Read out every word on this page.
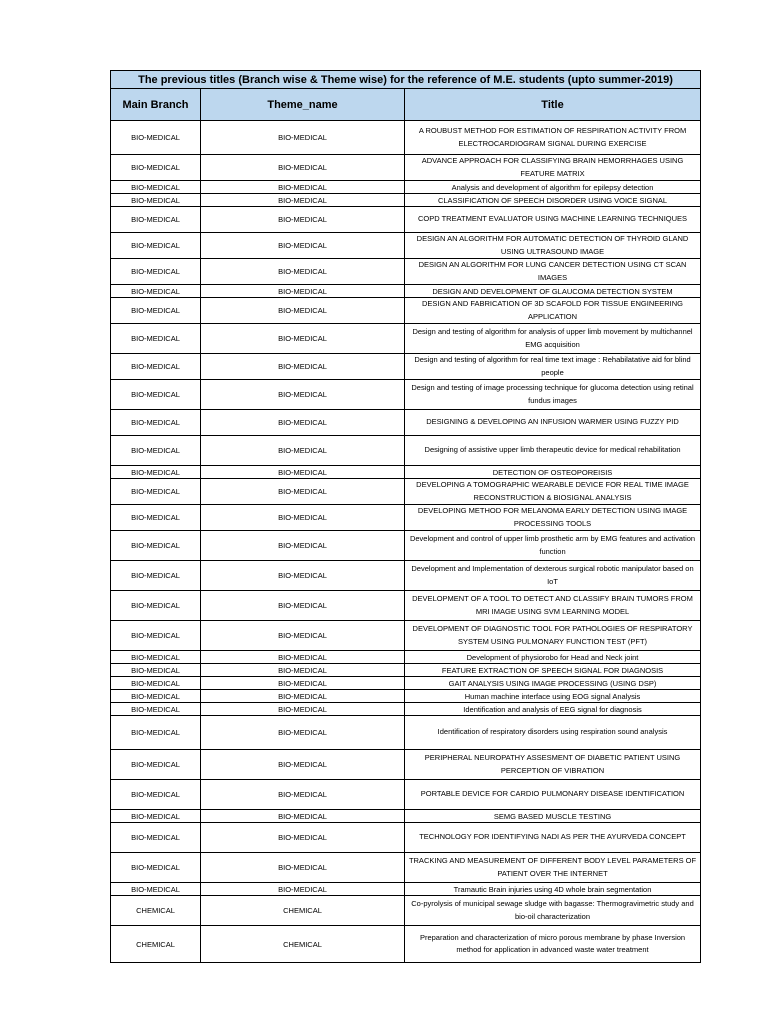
The previous titles (Branch wise & Theme wise) for the reference of M.E. students (upto summer-2019)		
Main Branch	Theme_name	Title
BIO-MEDICAL	BIO-MEDICAL	A ROUBUST METHOD FOR ESTIMATION OF RESPIRATION ACTIVITY FROM ELECTROCARDIOGRAM SIGNAL DURING EXERCISE
BIO-MEDICAL	BIO-MEDICAL	ADVANCE APPROACH FOR CLASSIFYING BRAIN HEMORRHAGES USING FEATURE MATRIX
BIO-MEDICAL	BIO-MEDICAL	Analysis and development of algorithm for epilepsy detection
BIO-MEDICAL	BIO-MEDICAL	CLASSIFICATION OF SPEECH DISORDER USING VOICE SIGNAL
BIO-MEDICAL	BIO-MEDICAL	COPD TREATMENT EVALUATOR USING MACHINE LEARNING TECHNIQUES
BIO-MEDICAL	BIO-MEDICAL	DESIGN AN ALGORITHM FOR AUTOMATIC DETECTION OF THYROID GLAND USING ULTRASOUND IMAGE
BIO-MEDICAL	BIO-MEDICAL	DESIGN AN ALGORITHM FOR LUNG CANCER DETECTION USING CT SCAN IMAGES
BIO-MEDICAL	BIO-MEDICAL	DESIGN AND DEVELOPMENT OF GLAUCOMA DETECTION SYSTEM
BIO-MEDICAL	BIO-MEDICAL	DESIGN AND FABRICATION OF 3D SCAFOLD FOR TISSUE ENGINEERING APPLICATION
BIO-MEDICAL	BIO-MEDICAL	Design and testing of algorithm for analysis of upper limb movement by multichannel EMG acquisition
BIO-MEDICAL	BIO-MEDICAL	Design and testing of algorithm for real time text image : Rehabilatative aid for blind people
BIO-MEDICAL	BIO-MEDICAL	Design and testing of image processing technique for glucoma detection using retinal fundus images
BIO-MEDICAL	BIO-MEDICAL	DESIGNING & DEVELOPING AN INFUSION WARMER USING FUZZY PID
BIO-MEDICAL	BIO-MEDICAL	Designing of assistive upper limb therapeutic device for medical rehabilitation
BIO-MEDICAL	BIO-MEDICAL	DETECTION OF OSTEOPOREISIS
BIO-MEDICAL	BIO-MEDICAL	DEVELOPING A TOMOGRAPHIC WEARABLE DEVICE FOR REAL TIME IMAGE RECONSTRUCTION & BIOSIGNAL ANALYSIS
BIO-MEDICAL	BIO-MEDICAL	DEVELOPING METHOD FOR MELANOMA EARLY DETECTION USING IMAGE PROCESSING TOOLS
BIO-MEDICAL	BIO-MEDICAL	Development and control of upper limb prosthetic arm by EMG features and activation function
BIO-MEDICAL	BIO-MEDICAL	Development and Implementation of dexterous surgical robotic manipulator based on IoT
BIO-MEDICAL	BIO-MEDICAL	DEVELOPMENT OF A TOOL TO DETECT AND CLASSIFY BRAIN TUMORS FROM MRI IMAGE USING SVM LEARNING MODEL
BIO-MEDICAL	BIO-MEDICAL	DEVELOPMENT OF DIAGNOSTIC TOOL FOR PATHOLOGIES OF RESPIRATORY SYSTEM USING PULMONARY FUNCTION TEST (PFT)
BIO-MEDICAL	BIO-MEDICAL	Development of physiorobo for Head and Neck joint
BIO-MEDICAL	BIO-MEDICAL	FEATURE EXTRACTION OF SPEECH SIGNAL FOR DIAGNOSIS
BIO-MEDICAL	BIO-MEDICAL	GAIT ANALYSIS USING IMAGE PROCESSING (USING DSP)
BIO-MEDICAL	BIO-MEDICAL	Human machine interface using EOG signal Analysis
BIO-MEDICAL	BIO-MEDICAL	Identification and analysis of EEG signal for diagnosis
BIO-MEDICAL	BIO-MEDICAL	Identification of respiratory disorders using respiration sound analysis
BIO-MEDICAL	BIO-MEDICAL	PERIPHERAL NEUROPATHY ASSESMENT OF DIABETIC PATIENT USING PERCEPTION OF VIBRATION
BIO-MEDICAL	BIO-MEDICAL	PORTABLE DEVICE FOR CARDIO PULMONARY DISEASE IDENTIFICATION
BIO-MEDICAL	BIO-MEDICAL	SEMG BASED MUSCLE TESTING
BIO-MEDICAL	BIO-MEDICAL	TECHNOLOGY FOR IDENTIFYING NADI AS PER THE AYURVEDA CONCEPT
BIO-MEDICAL	BIO-MEDICAL	TRACKING AND MEASUREMENT OF DIFFERENT BODY LEVEL PARAMETERS OF PATIENT OVER THE INTERNET
BIO-MEDICAL	BIO-MEDICAL	Tramautic Brain injuries using 4D whole brain segmentation
CHEMICAL	CHEMICAL	Co-pyrolysis of municipal sewage sludge with bagasse: Thermogravimetric study and bio-oil characterization
CHEMICAL	CHEMICAL	Preparation and characterization of micro porous membrane by phase Inversion method for application in advanced waste water treatment
